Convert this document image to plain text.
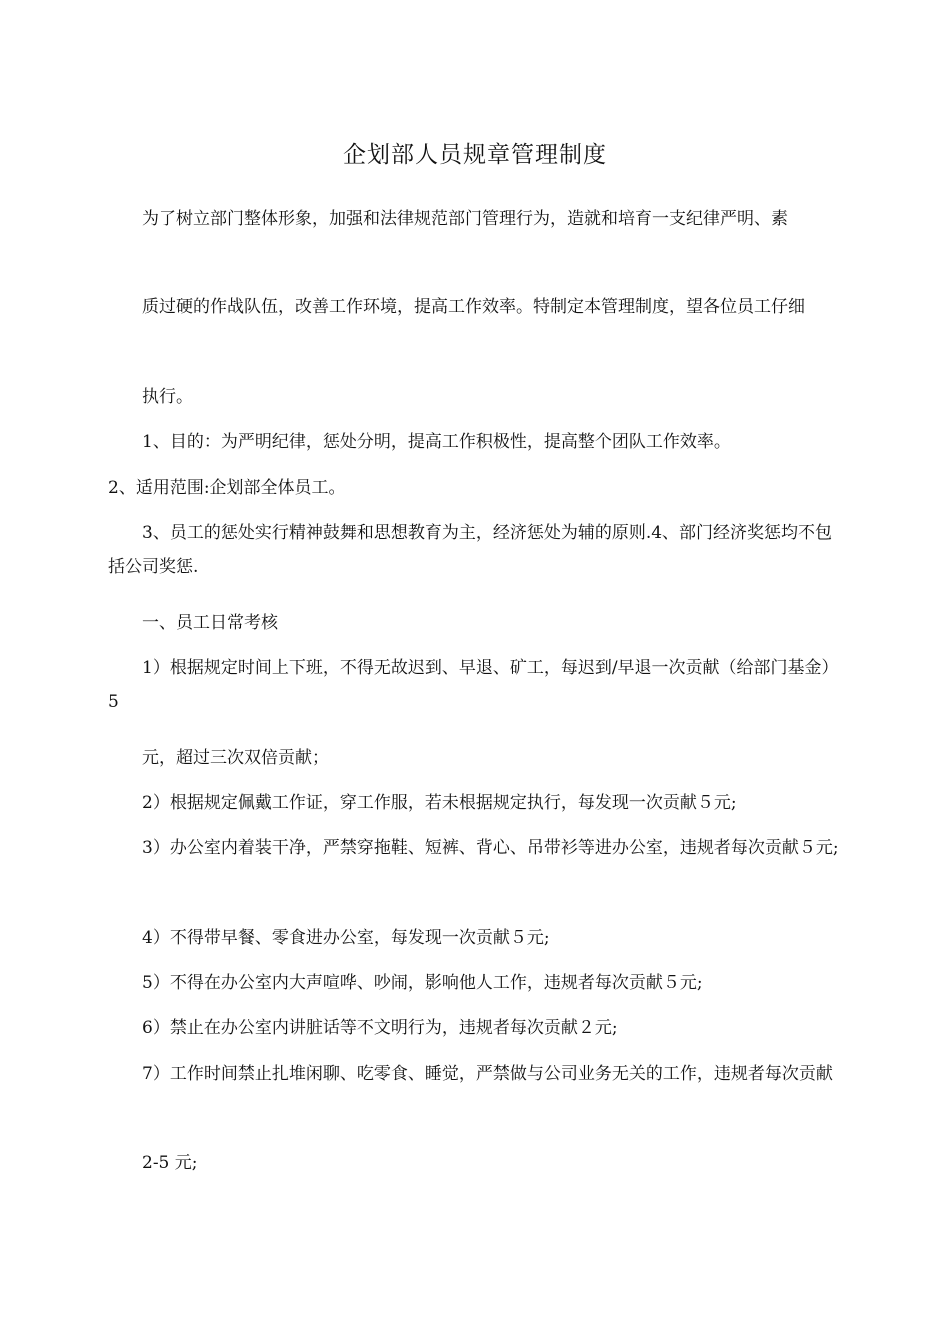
企划部人员规章管理制度

为了树立部门整体形象，加强和法律规范部门管理行为，造就和培育一支纪律严明、素

质过硬的作战队伍，改善工作环境，提高工作效率。特制定本管理制度，望各位员工仔细

执行。

1、目的：为严明纪律，惩处分明，提高工作积极性，提高整个团队工作效率。

2、适用范围:企划部全体员工。

3、员工的惩处实行精神鼓舞和思想教育为主，经济惩处为辅的原则.4、部门经济奖惩均不包括公司奖惩.

一、员工日常考核

1）根据规定时间上下班，不得无故迟到、早退、矿工，每迟到/早退一次贡献（给部门基金）5

元，超过三次双倍贡献；

2）根据规定佩戴工作证，穿工作服，若未根据规定执行，每发现一次贡献５元;

3）办公室内着装干净，严禁穿拖鞋、短裤、背心、吊带衫等进办公室，违规者每次贡献５元;

4）不得带早餐、零食进办公室，每发现一次贡献５元;

5）不得在办公室内大声喧哗、吵闹，影响他人工作，违规者每次贡献５元;

6）禁止在办公室内讲脏话等不文明行为，违规者每次贡献２元;

7）工作时间禁止扎堆闲聊、吃零食、睡觉，严禁做与公司业务无关的工作，违规者每次贡献

2-5 元;
